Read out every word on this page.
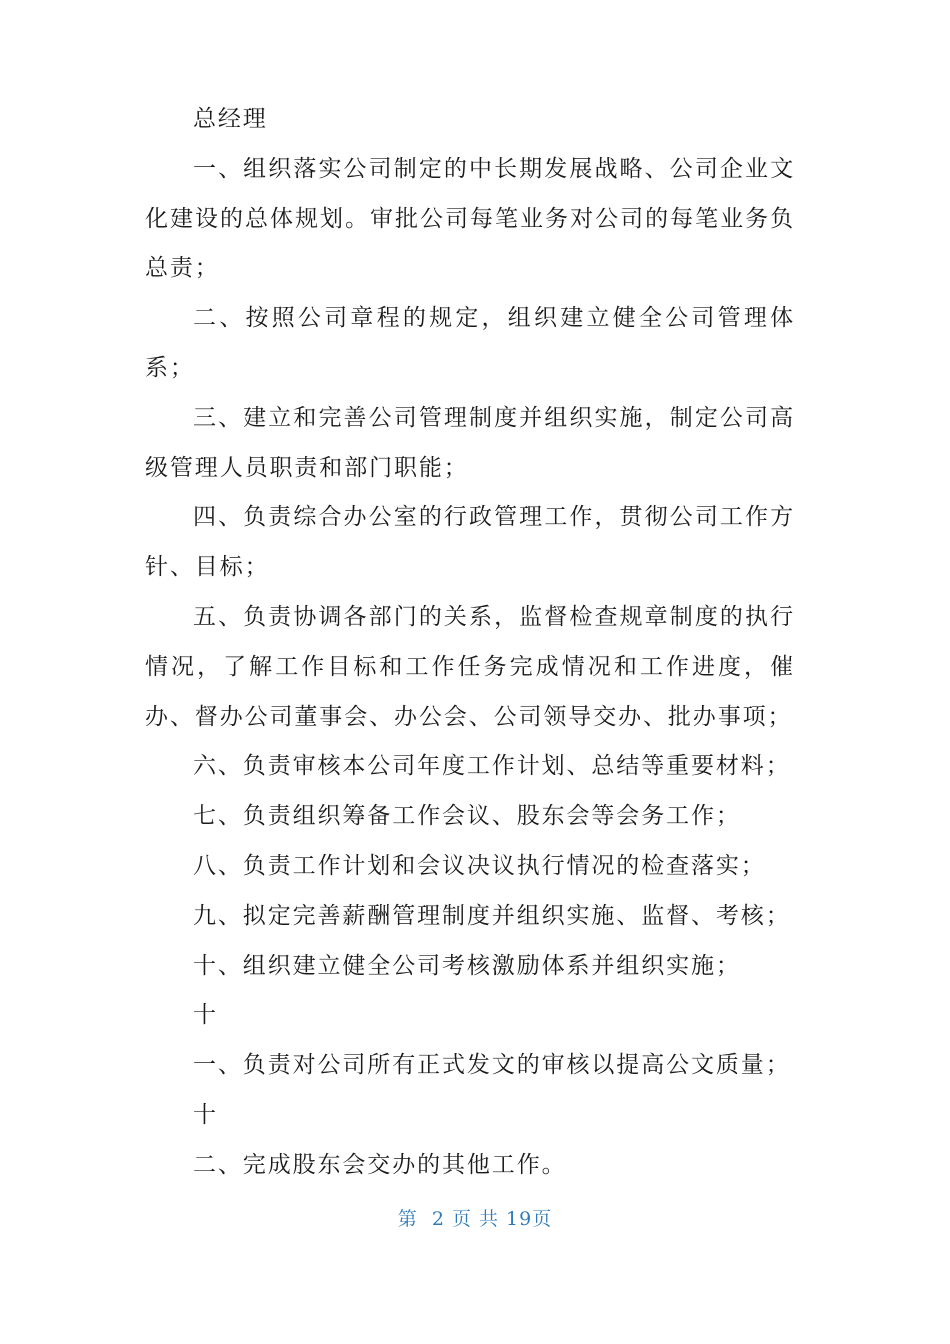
总经理

一、组织落实公司制定的中长期发展战略、公司企业文化建设的总体规划。审批公司每笔业务对公司的每笔业务负总责；

二、按照公司章程的规定，组织建立健全公司管理体系；

三、建立和完善公司管理制度并组织实施，制定公司高级管理人员职责和部门职能；

四、负责综合办公室的行政管理工作，贯彻公司工作方针、目标；

五、负责协调各部门的关系，监督检查规章制度的执行情况，了解工作目标和工作任务完成情况和工作进度，催办、督办公司董事会、办公会、公司领导交办、批办事项；

六、负责审核本公司年度工作计划、总结等重要材料；

七、负责组织筹备工作会议、股东会等会务工作；

八、负责工作计划和会议决议执行情况的检查落实；

九、拟定完善薪酬管理制度并组织实施、监督、考核；

十、组织建立健全公司考核激励体系并组织实施；

十

一、负责对公司所有正式发文的审核以提高公文质量；

十

二、完成股东会交办的其他工作。

第  2 页 共 19页
